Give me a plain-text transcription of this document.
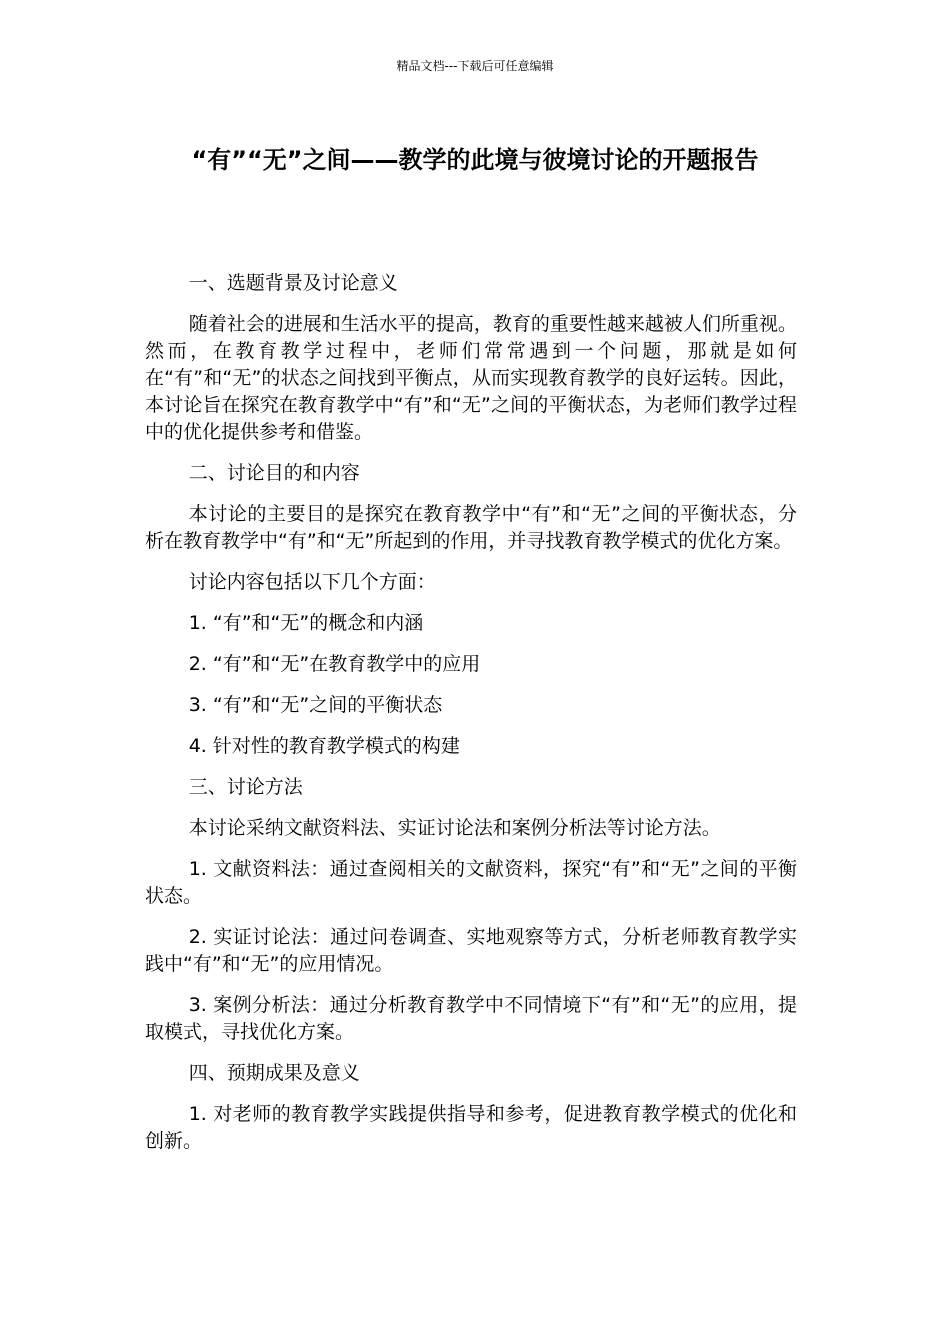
精品文档---下载后可任意编辑
“有”“无”之间——教学的此境与彼境讨论的开题报告

一、选题背景及讨论意义

随着社会的进展和生活水平的提高，教育的重要性越来越被人们所重视。然而，在教育教学过程中，老师们常常遇到一个问题，那就是如何在“有”和“无”的状态之间找到平衡点，从而实现教育教学的良好运转。因此，本讨论旨在探究在教育教学中“有”和“无”之间的平衡状态，为老师们教学过程中的优化提供参考和借鉴。

二、讨论目的和内容

本讨论的主要目的是探究在教育教学中“有”和“无”之间的平衡状态，分析在教育教学中“有”和“无”所起到的作用，并寻找教育教学模式的优化方案。

讨论内容包括以下几个方面：

1. “有”和“无”的概念和内涵

2. “有”和“无”在教育教学中的应用

3. “有”和“无”之间的平衡状态

4. 针对性的教育教学模式的构建

三、讨论方法

本讨论采纳文献资料法、实证讨论法和案例分析法等讨论方法。

1. 文献资料法：通过查阅相关的文献资料，探究“有”和“无”之间的平衡状态。

2. 实证讨论法：通过问卷调查、实地观察等方式，分析老师教育教学实践中“有”和“无”的应用情况。

3. 案例分析法：通过分析教育教学中不同情境下“有”和“无”的应用，提取模式，寻找优化方案。

四、预期成果及意义

1. 对老师的教育教学实践提供指导和参考，促进教育教学模式的优化和创新。
